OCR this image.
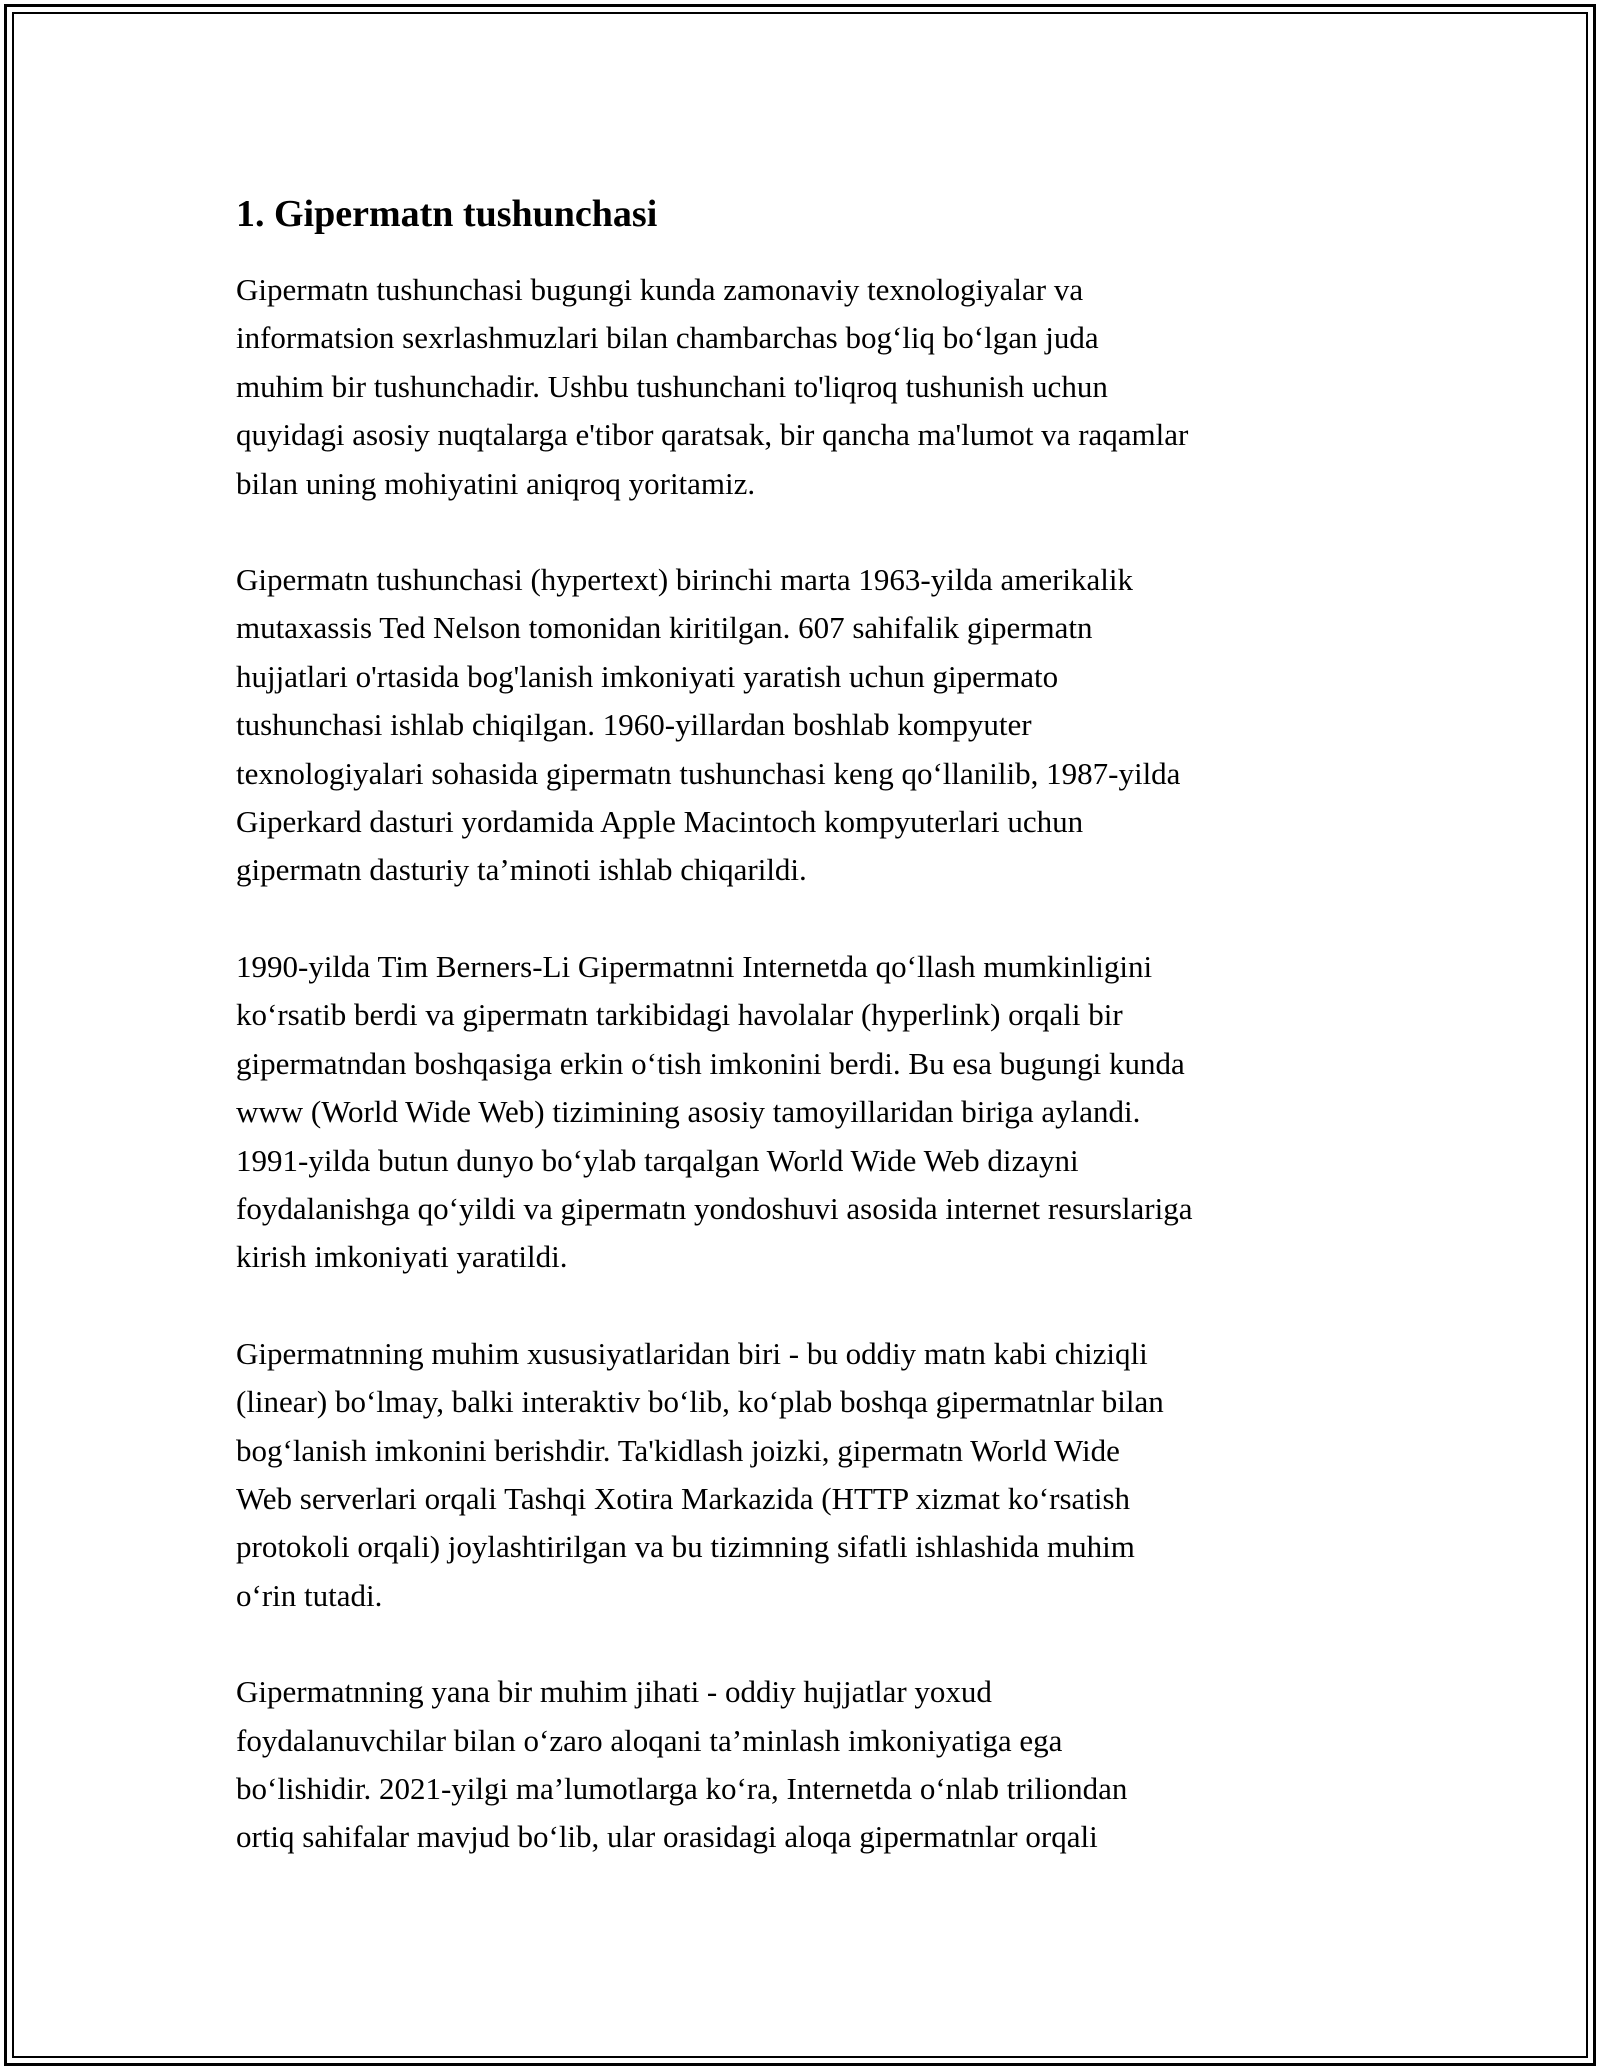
1. Gipermatn tushunchasi

Gipermatn tushunchasi bugungi kunda zamonaviy texnologiyalar va
informatsion sexrlashmuzlari bilan chambarchas bog‘liq bo‘lgan juda
muhim bir tushunchadir. Ushbu tushunchani to'liqroq tushunish uchun
quyidagi asosiy nuqtalarga e'tibor qaratsak, bir qancha ma'lumot va raqamlar
bilan uning mohiyatini aniqroq yoritamiz.

Gipermatn tushunchasi (hypertext) birinchi marta 1963-yilda amerikalik
mutaxassis Ted Nelson tomonidan kiritilgan. 607 sahifalik gipermatn
hujjatlari o'rtasida bog'lanish imkoniyati yaratish uchun gipermato
tushunchasi ishlab chiqilgan. 1960-yillardan boshlab kompyuter
texnologiyalari sohasida gipermatn tushunchasi keng qo‘llanilib, 1987-yilda
Giperkard dasturi yordamida Apple Macintoch kompyuterlari uchun
gipermatn dasturiy ta’minoti ishlab chiqarildi.

1990-yilda Tim Berners-Li Gipermatnni Internetda qo‘llash mumkinligini
ko‘rsatib berdi va gipermatn tarkibidagi havolalar (hyperlink) orqali bir
gipermatndan boshqasiga erkin o‘tish imkonini berdi. Bu esa bugungi kunda
www (World Wide Web) tizimining asosiy tamoyillaridan biriga aylandi.
1991-yilda butun dunyo bo‘ylab tarqalgan World Wide Web dizayni
foydalanishga qo‘yildi va gipermatn yondoshuvi asosida internet resurslariga
kirish imkoniyati yaratildi.

Gipermatnning muhim xususiyatlaridan biri - bu oddiy matn kabi chiziqli
(linear) bo‘lmay, balki interaktiv bo‘lib, ko‘plab boshqa gipermatnlar bilan
bog‘lanish imkonini berishdir. Ta'kidlash joizki, gipermatn World Wide
Web serverlari orqali Tashqi Xotira Markazida (HTTP xizmat ko‘rsatish
protokoli orqali) joylashtirilgan va bu tizimning sifatli ishlashida muhim
o‘rin tutadi.

Gipermatnning yana bir muhim jihati - oddiy hujjatlar yoxud
foydalanuvchilar bilan o‘zaro aloqani ta’minlash imkoniyatiga ega
bo‘lishidir. 2021-yilgi ma’lumotlarga ko‘ra, Internetda o‘nlab triliondan
ortiq sahifalar mavjud bo‘lib, ular orasidagi aloqa gipermatnlar orqali
